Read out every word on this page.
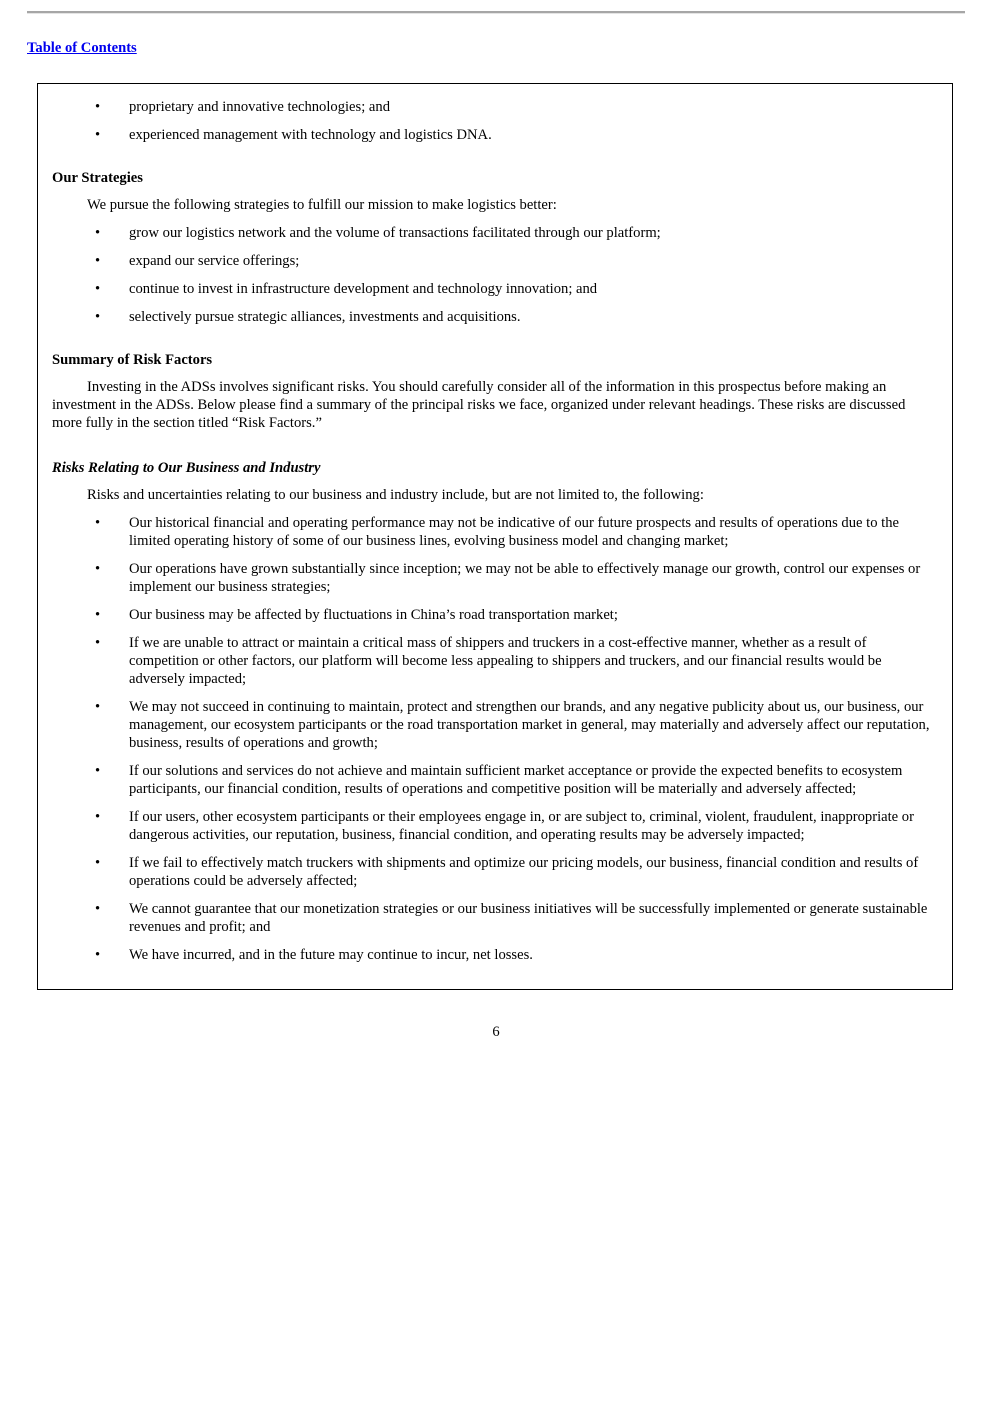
Table of Contents
• proprietary and innovative technologies; and
• experienced management with technology and logistics DNA.
Our Strategies

We pursue the following strategies to fulfill our mission to make logistics better:

• grow our logistics network and the volume of transactions facilitated through our platform;
• expand our service offerings;
• continue to invest in infrastructure development and technology innovation; and
• selectively pursue strategic alliances, investments and acquisitions.
Summary of Risk Factors

Investing in the ADSs involves significant risks. You should carefully consider all of the information in this prospectus before making an investment in the ADSs. Below please find a summary of the principal risks we face, organized under relevant headings. These risks are discussed more fully in the section titled “Risk Factors.”

Risks Relating to Our Business and Industry

Risks and uncertainties relating to our business and industry include, but are not limited to, the following:

• Our historical financial and operating performance may not be indicative of our future prospects and results of operations due to the limited operating history of some of our business lines, evolving business model and changing market;
• Our operations have grown substantially since inception; we may not be able to effectively manage our growth, control our expenses or implement our business strategies;
• Our business may be affected by fluctuations in China’s road transportation market;
• If we are unable to attract or maintain a critical mass of shippers and truckers in a cost-effective manner, whether as a result of competition or other factors, our platform will become less appealing to shippers and truckers, and our financial results would be adversely impacted;
• We may not succeed in continuing to maintain, protect and strengthen our brands, and any negative publicity about us, our business, our management, our ecosystem participants or the road transportation market in general, may materially and adversely affect our reputation, business, results of operations and growth;
• If our solutions and services do not achieve and maintain sufficient market acceptance or provide the expected benefits to ecosystem participants, our financial condition, results of operations and competitive position will be materially and adversely affected;
• If our users, other ecosystem participants or their employees engage in, or are subject to, criminal, violent, fraudulent, inappropriate or dangerous activities, our reputation, business, financial condition, and operating results may be adversely impacted;
• If we fail to effectively match truckers with shipments and optimize our pricing models, our business, financial condition and results of operations could be adversely affected;
• We cannot guarantee that our monetization strategies or our business initiatives will be successfully implemented or generate sustainable revenues and profit; and
• We have incurred, and in the future may continue to incur, net losses.
6
